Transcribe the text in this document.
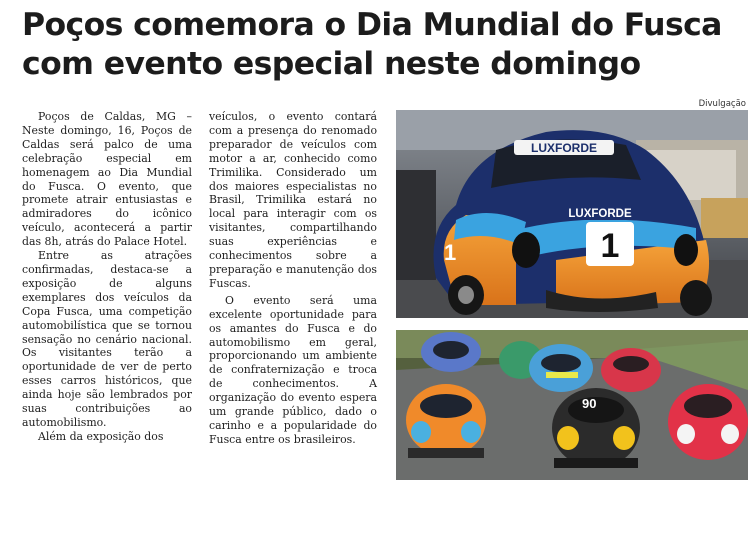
Poços comemora o Dia Mundial do Fusca
com evento especial neste domingo
Divulgação

Poços de Caldas, MG – Neste domingo, 16, Poços de Caldas será palco de uma celebração especial em homenagem ao Dia Mundial do Fusca. O evento, que promete atrair entusiastas e admiradores do icônico veículo, acontecerá a partir das 8h, atrás do Palace Hotel.

Entre as atrações confirmadas, destaca-se a exposição de alguns exemplares dos veículos da Copa Fusca, uma competição automobilística que se tornou sensação no cenário nacional. Os visitantes terão a oportunidade de ver de perto esses carros históricos, que ainda hoje são lembrados por suas contribuições ao automobilismo.

Além da exposição dos

veículos, o evento contará com a presença do renomado preparador de veículos com motor a ar, conhecido como Trimilika. Considerado um dos maiores especialistas no Brasil, Trimilika estará no local para interagir com os visitantes, compartilhando suas experiências e conhecimentos sobre a preparação e manutenção dos Fuscas.

O evento será uma excelente oportunidade para os amantes do Fusca e do automobilismo em geral, proporcionando um ambiente de confraternização e troca de conhecimentos. A organização do evento espera um grande público, dado o carinho e a popularidade do Fusca entre os brasileiros.

LUXFORDE
LUXFORDE
1
1
90
